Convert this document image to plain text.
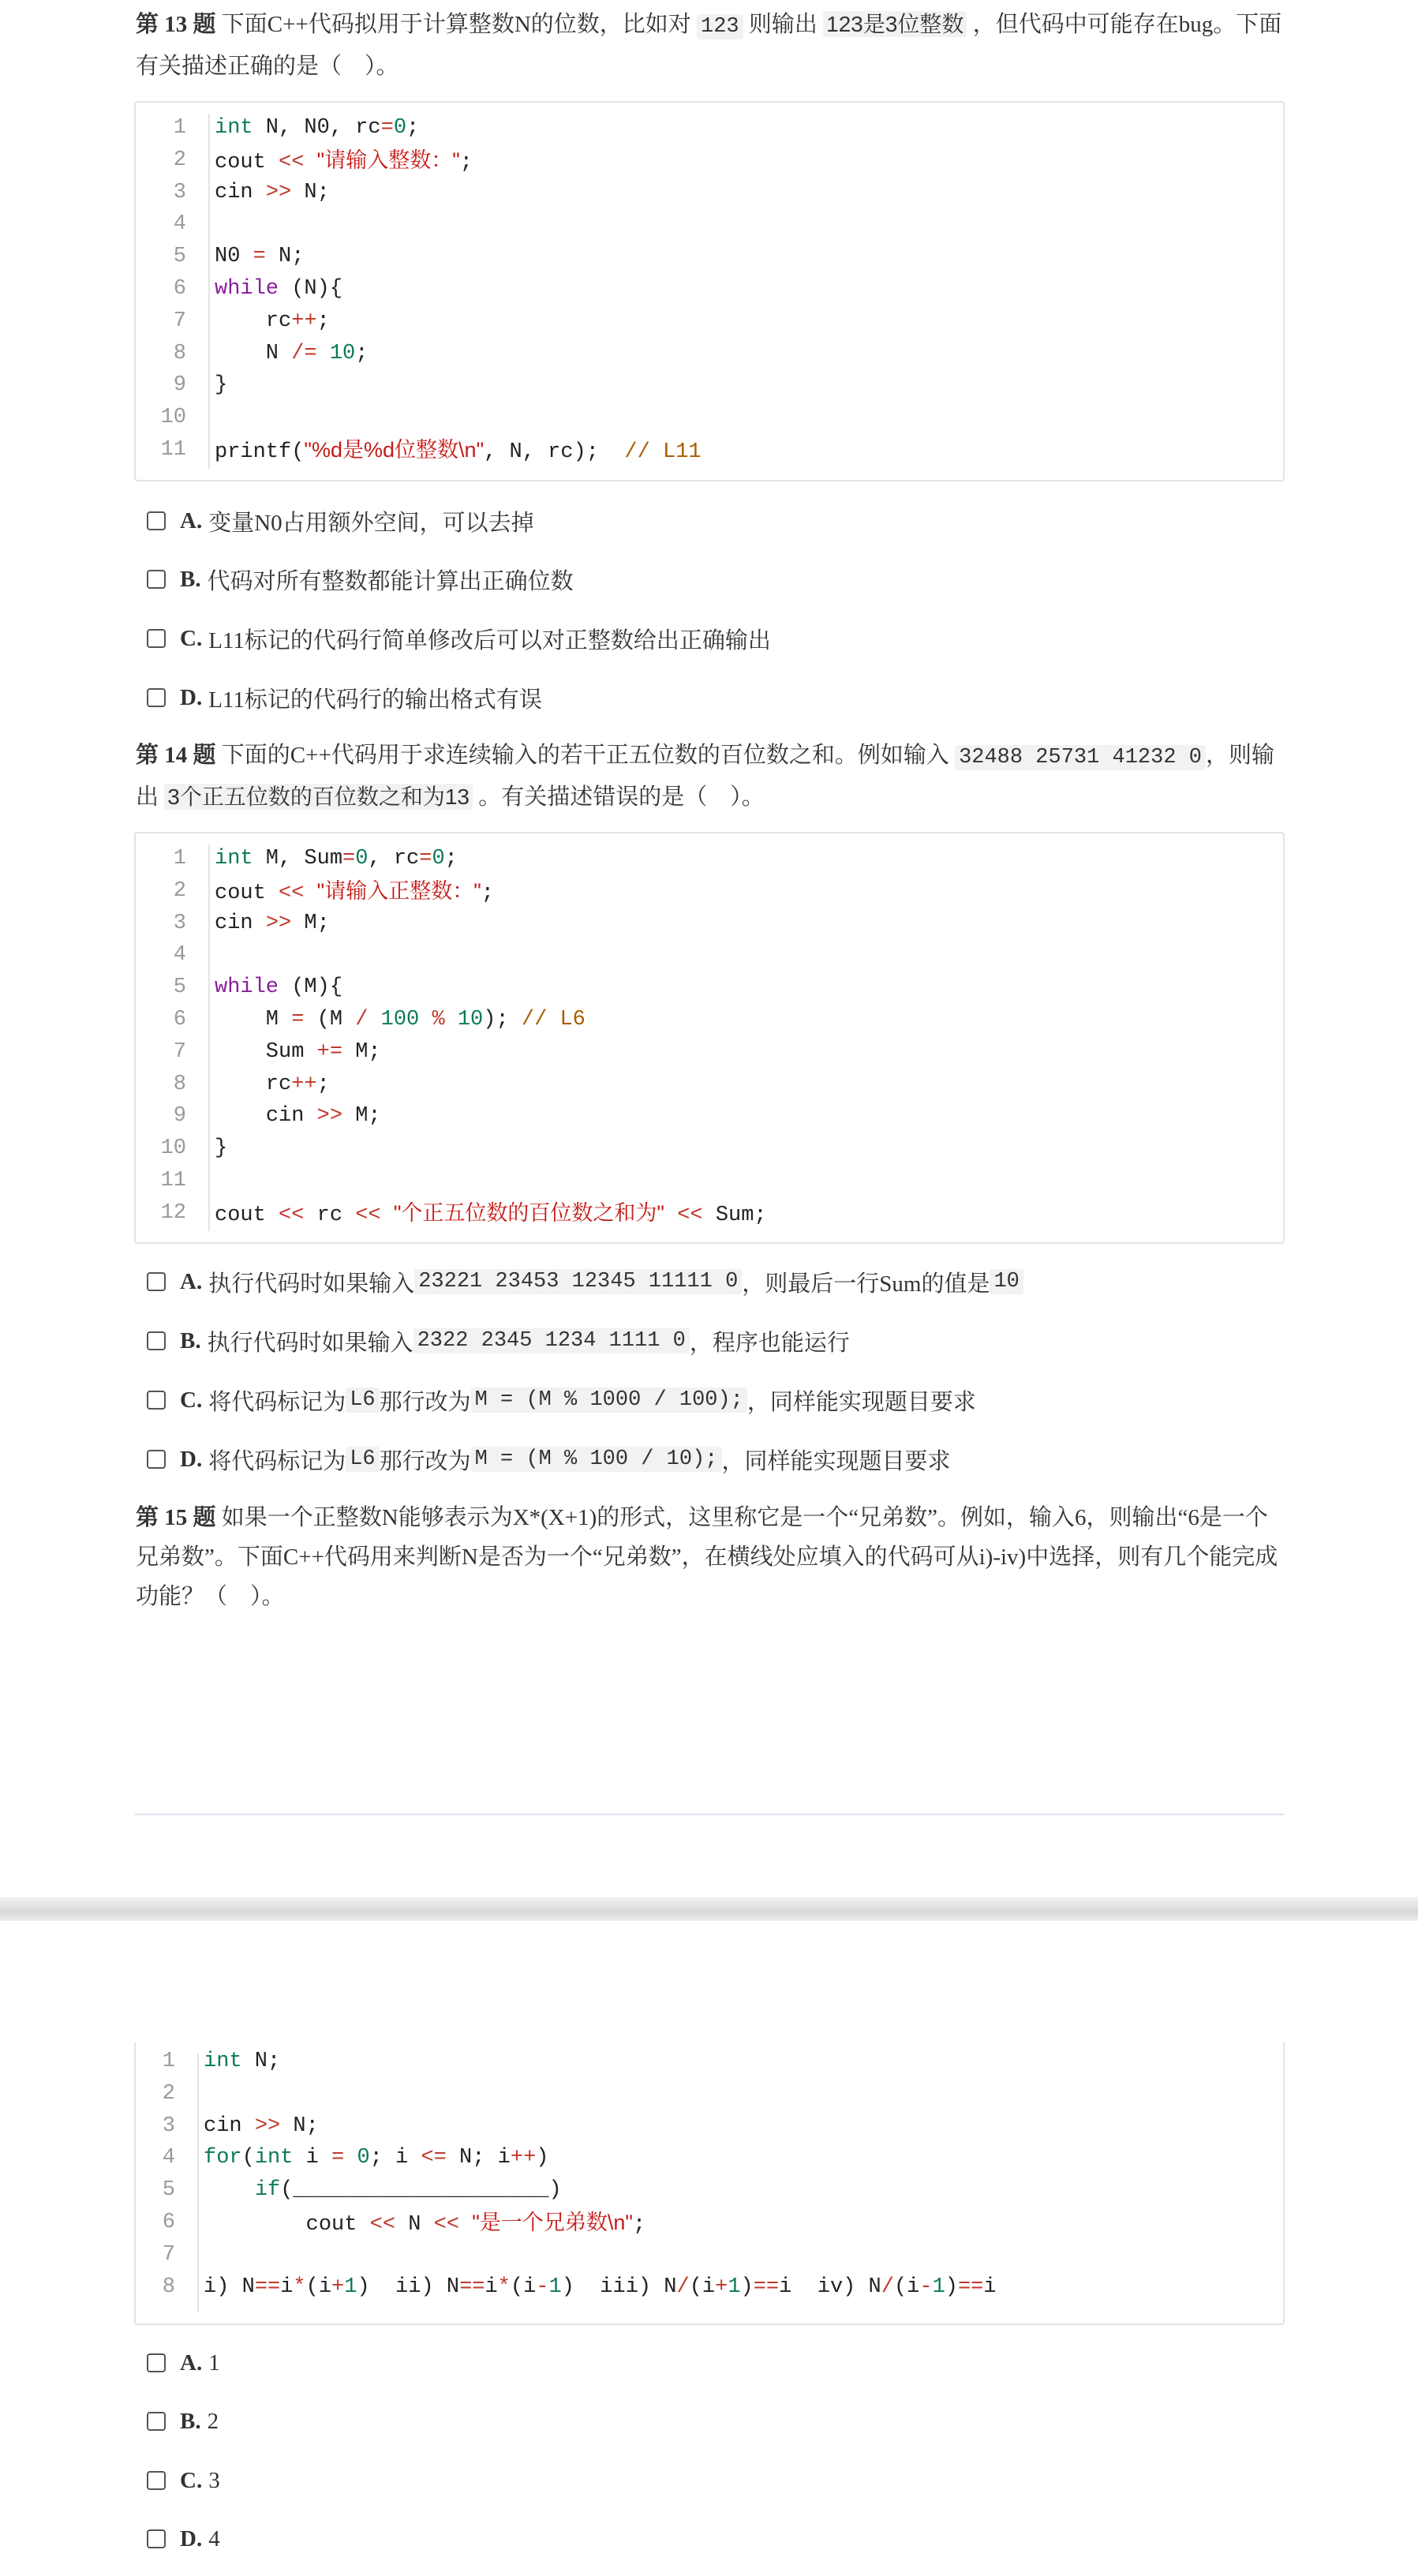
第 13 题 下面C++代码拟用于计算整数N的位数，比如对 123 则输出 123是3位整数 ，但代码中可能存在bug。下面有关描述正确的是（　）。
1 int N, N0, rc=0;
2 cout << "请输入整数：";
3 cin >> N;
4
5 N0 = N;
6 while (N){
7 rc++;
8 N /= 10;
9 }
10
11 printf("%d是%d位整数\n", N, rc);  // L11
A. 变量N0占用额外空间，可以去掉
B. 代码对所有整数都能计算出正确位数
C. L11标记的代码行简单修改后可以对正整数给出正确输出
D. L11标记的代码行的输出格式有误
第 14 题 下面的C++代码用于求连续输入的若干正五位数的百位数之和。例如输入 32488 25731 41232 0 ，则输出 3个正五位数的百位数之和为13 。有关描述错误的是（　）。
1 int M, Sum=0, rc=0;
2 cout << "请输入正整数：";
3 cin >> M;
4
5 while (M){
6 M = (M / 100 % 10); // L6
7 Sum += M;
8 rc++;
9	cin >> M;
10 }
11
12 cout << rc << "个正五位数的百位数之和为" << Sum;
A. 执行代码时如果输入 23221 23453 12345 11111 0 ，则最后一行Sum的值是 10
B. 执行代码时如果输入 2322 2345 1234 1111 0 ，程序也能运行
C. 将代码标记为 L6 那行改为 M = (M % 1000 / 100); ，同样能实现题目要求
D. 将代码标记为 L6 那行改为 M = (M % 100 / 10); ，同样能实现题目要求
第 15 题 如果一个正整数N能够表示为X*(X+1)的形式，这里称它是一个“兄弟数”。例如，输入6，则输出“6是一个兄弟数”。下面C++代码用来判断N是否为一个“兄弟数”，在横线处应填入的代码可从i)-iv)中选择，则有几个能完成功能？（　）。
1 int N;
2
3 cin >> N;
4 for(int i = 0; i <= N; i++)
5	if(____________________)
6	cout << N << "是一个兄弟数\n";
7
8 i) N==i*(i+1)  ii) N==i*(i-1)  iii) N/(i+1)==i  iv) N/(i-1)==i
A. 1
B. 2
C. 3
D. 4
